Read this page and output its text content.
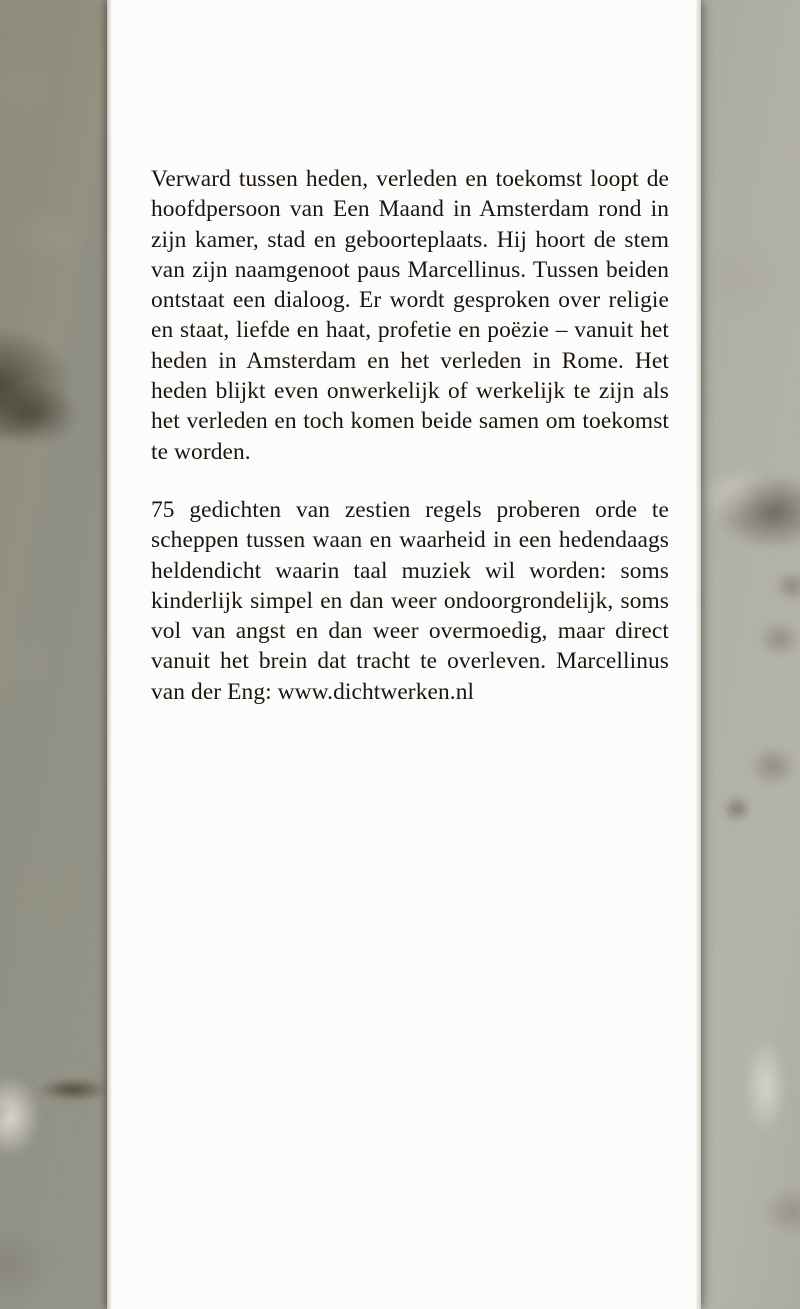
Verward tussen heden, verleden en toekomst loopt de hoofdpersoon van Een Maand in Amsterdam rond in zijn kamer, stad en geboorteplaats. Hij hoort de stem van zijn naamgenoot paus Marcellinus. Tussen beiden ontstaat een dialoog. Er wordt gesproken over religie en staat, liefde en haat, profetie en poëzie – vanuit het heden in Amsterdam en het verleden in Rome. Het heden blijkt even onwerkelijk of werkelijk te zijn als het verleden en toch komen beide samen om toekomst te worden.

75 gedichten van zestien regels proberen orde te scheppen tussen waan en waarheid in een hedendaags heldendicht waarin taal muziek wil worden: soms kinderlijk simpel en dan weer ondoorgrondelijk, soms vol van angst en dan weer overmoedig, maar direct vanuit het brein dat tracht te overleven. Marcellinus van der Eng: www.dichtwerken.nl
